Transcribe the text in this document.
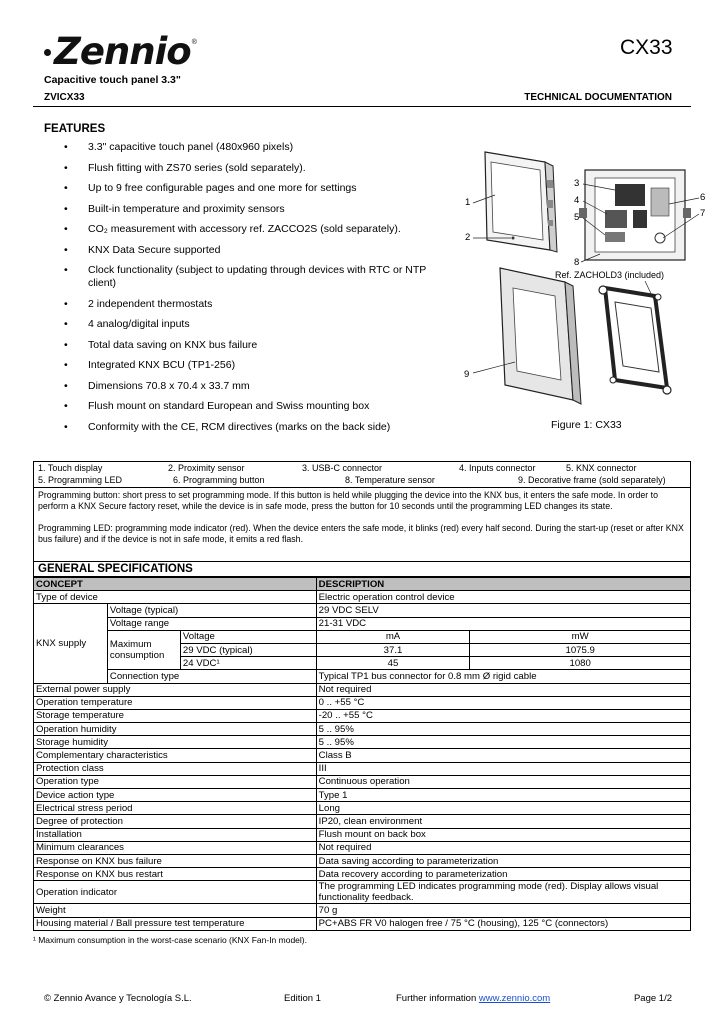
Zennio ®
Capacitive touch panel 3.3"
CX33
ZVICX33	TECHNICAL DOCUMENTATION
FEATURES
• 3.3" capacitive touch panel (480x960 pixels)
• Flush fitting with ZS70 series (sold separately).
• Up to 9 free configurable pages and one more for settings
• Built-in temperature and proximity sensors
• CO₂ measurement with accessory ref. ZACCO2S (sold separately).
• KNX Data Secure supported
• Clock functionality (subject to updating through devices with RTC or NTP client)
• 2 independent thermostats
• 4 analog/digital inputs
• Total data saving on KNX bus failure
• Integrated KNX BCU (TP1-256)
• Dimensions 70.8 x 70.4 x 33.7 mm
• Flush mount on standard European and Swiss mounting box
• Conformity with the CE, RCM directives (marks on the back side)
1
2
3
4
5
6
7
8
9
Ref. ZACHOLD3 (included)
Figure 1: CX33
1. Touch display	2. Proximity sensor	3. USB-C connector	4. Inputs connector	5. KNX connector
5. Programming LED	6. Programming button	8. Temperature sensor	9. Decorative frame (sold separately)

Programming button: short press to set programming mode. If this button is held while plugging the device into the KNX bus, it enters the safe mode. In order to perform a KNX Secure factory reset, while the device is in safe mode, press the button for 10 seconds until the programming LED changes its state.

Programming LED: programming mode indicator (red). When the device enters the safe mode, it blinks (red) every half second. During the start-up (reset or after KNX bus failure) and if the device is not in safe mode, it emits a red flash.

GENERAL SPECIFICATIONS
CONCEPT			DESCRIPTION	
Type of device			Electric operation control device	
KNX supply	Voltage (typical)		29 VDC SELV	
	Voltage range		21-31 VDC	
	Maximum consumption	Voltage	mA	mW
		29 VDC (typical)	37.1	1075.9
		24 VDC¹	45	1080
	Connection type		Typical TP1 bus connector for 0.8 mm Ø rigid cable	
External power supply			Not required	
Operation temperature			0 .. +55 °C	
Storage temperature			-20 .. +55 °C	
Operation humidity			5 .. 95%	
Storage humidity			5 .. 95%	
Complementary characteristics			Class B	
Protection class			III	
Operation type			Continuous operation	
Device action type			Type 1	
Electrical stress period			Long	
Degree of protection			IP20, clean environment	
Installation			Flush mount on back box	
Minimum clearances			Not required	
Response on KNX bus failure			Data saving according to parameterization	
Response on KNX bus restart			Data recovery according to parameterization	
Operation indicator			The programming LED indicates programming mode (red). Display allows visual functionality feedback.	
Weight			70 g	
Housing material / Ball pressure test temperature			PC+ABS FR V0 halogen free / 75 °C (housing), 125 °C (connectors)	
¹ Maximum consumption in the worst-case scenario (KNX Fan-In model).
© Zennio Avance y Tecnología S.L.	Edition 1	Further information www.zennio.com	Page 1/2
